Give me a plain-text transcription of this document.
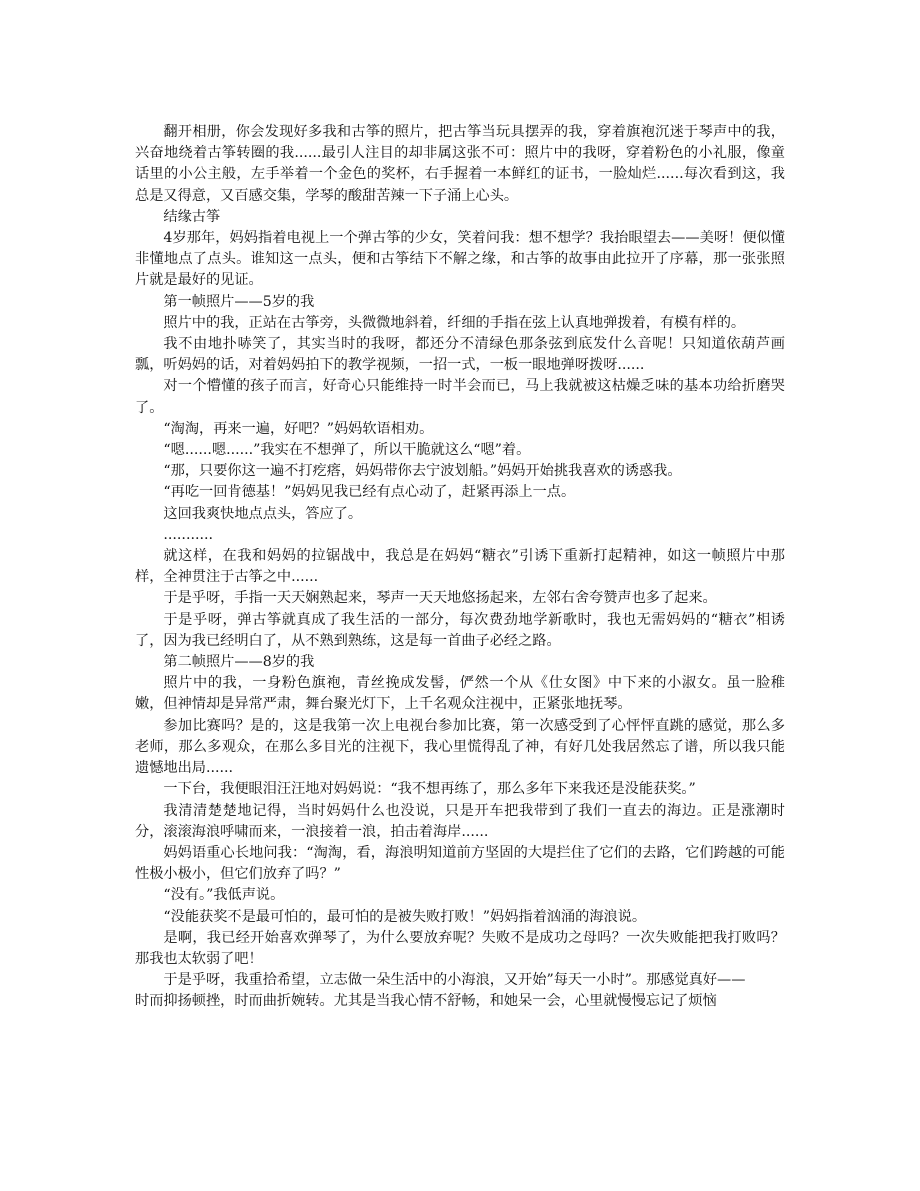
翻开相册，你会发现好多我和古筝的照片，把古筝当玩具摆弄的我，穿着旗袍沉迷于琴声中的我，兴奋地绕着古筝转圈的我......最引人注目的却非属这张不可：照片中的我呀，穿着粉色的小礼服，像童话里的小公主般，左手举着一个金色的奖杯，右手握着一本鲜红的证书，一脸灿烂......每次看到这，我总是又得意，又百感交集，学琴的酸甜苦辣一下子涌上心头。

结缘古筝

4岁那年，妈妈指着电视上一个弹古筝的少女，笑着问我：想不想学？我抬眼望去——美呀！便似懂非懂地点了点头。谁知这一点头，便和古筝结下不解之缘，和古筝的故事由此拉开了序幕，那一张张照片就是最好的见证。

第一帧照片——5岁的我

照片中的我，正站在古筝旁，头微微地斜着，纤细的手指在弦上认真地弹拨着，有模有样的。

我不由地扑哧笑了，其实当时的我呀，都还分不清绿色那条弦到底发什么音呢！只知道依葫芦画瓢，听妈妈的话，对着妈妈拍下的教学视频，一招一式，一板一眼地弹呀拨呀......

对一个懵懂的孩子而言，好奇心只能维持一时半会而已，马上我就被这枯燥乏味的基本功给折磨哭了。

“淘淘，再来一遍，好吧？”妈妈软语相劝。

“嗯......嗯......”我实在不想弹了，所以干脆就这么“嗯”着。

“那，只要你这一遍不打疙瘩，妈妈带你去宁波划船。”妈妈开始挑我喜欢的诱惑我。

“再吃一回肯德基！”妈妈见我已经有点心动了，赶紧再添上一点。

这回我爽快地点点头，答应了。

...........

就这样，在我和妈妈的拉锯战中，我总是在妈妈“糖衣”引诱下重新打起精神，如这一帧照片中那样，全神贯注于古筝之中......

于是乎呀，手指一天天娴熟起来，琴声一天天地悠扬起来，左邻右舍夸赞声也多了起来。

于是乎呀，弹古筝就真成了我生活的一部分，每次费劲地学新歌时，我也无需妈妈的“糖衣”相诱了，因为我已经明白了，从不熟到熟练，这是每一首曲子必经之路。

第二帧照片——8岁的我

照片中的我，一身粉色旗袍，青丝挽成发髻，俨然一个从《仕女图》中下来的小淑女。虽一脸稚嫩，但神情却是异常严肃，舞台聚光灯下，上千名观众注视中，正紧张地抚琴。

参加比赛吗？是的，这是我第一次上电视台参加比赛，第一次感受到了心怦怦直跳的感觉，那么多老师，那么多观众，在那么多目光的注视下，我心里慌得乱了神，有好几处我居然忘了谱，所以我只能遗憾地出局......

一下台，我便眼泪汪汪地对妈妈说：“我不想再练了，那么多年下来我还是没能获奖。”

我清清楚楚地记得，当时妈妈什么也没说，只是开车把我带到了我们一直去的海边。正是涨潮时分，滚滚海浪呼啸而来，一浪接着一浪，拍击着海岸......

妈妈语重心长地问我：“淘淘，看，海浪明知道前方坚固的大堤拦住了它们的去路，它们跨越的可能性极小极小，但它们放弃了吗？”

“没有。”我低声说。

“没能获奖不是最可怕的，最可怕的是被失败打败！”妈妈指着汹涌的海浪说。

是啊，我已经开始喜欢弹琴了，为什么要放弃呢？失败不是成功之母吗？一次失败能把我打败吗？那我也太软弱了吧！

于是乎呀，我重拾希望，立志做一朵生活中的小海浪，又开始”每天一小时”。那感觉真好——

时而抑扬顿挫，时而曲折婉转。尤其是当我心情不舒畅，和她呆一会，心里就慢慢忘记了烦恼
